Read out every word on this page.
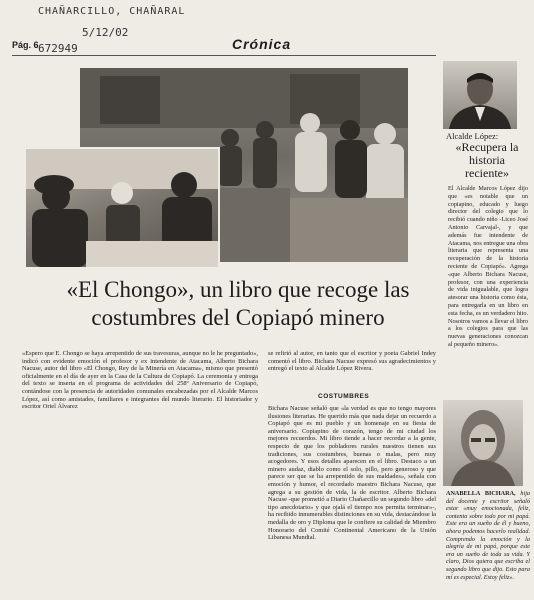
CHAÑARCILLO, CHAÑARAL
5/12/02
672949
Pág. 6	Crónica
«El Chongo», un libro que recoge las costumbres del Copiapó minero

«Espero que E. Chongo se haya arrepentido de sus travesuras, aunque no le he preguntado», indicó con evidente emoción el profesor y ex intendente de Atacama, Alberto Bichara Nacuse, autor del libro «El Chongo, Rey de la Minería en Atacama», mismo que presentó oficialmente en el día de ayer en la Casa de la Cultura de Copiapó. La ceremonia y entrega del texto se inserta en el programa de actividades del 258º Aniversario de Copiapó, contándose con la presencia de autoridades comunales encabezadas por el Alcalde Marcos López, así como amistades, familiares e integrantes del mundo literario. El historiador y escritor Oriel Álvarez

se refirió al autor, en tanto que el escritor y poeta Gabriel Indey comentó el libro. Bichara Nacuse expresó sus agradecimientos y entregó el texto al Alcalde López Rivera.

COSTUMBRES

Bichara Nacuse señaló que «la verdad es que no tengo mayores ilusiones literarias. He querido más que nada dejar un recuerdo a Copiapó que es mi pueblo y un homenaje en su fiesta de aniversario. Copiapino de corazón, tengo de mi ciudad los mejores recuerdos. Mi libro tiende a hacer recordar a la gente, respecto de que los pobladores rurales nuestros tienen sus tradiciones, sus costumbres, buenas o malas, pero muy acogedores. Y esos detalles aparecen en el libro. Destaco a un minero audaz, diablo como el solo, pillo, pero generoso y que parece ser que se ha arrepentido de sus maldades», señala con emoción y humor, el recordado maestro Bichara Nacuse, que agrega a su gestión de vida, la de escritor. Alberto Bichara Nacuse -que prometió a Diario Chañarcillo un segundo libro «del tipo anecdotario» y que ojalá el tiempo nos permita terminar»-, ha recibido innumerables distinciones en su vida, destacándose la medalla de oro y Diploma que le confiere su calidad de Miembro Honorario del Comité Continental Americano de la Unión Libanesa Mundial.

Alcalde López:
«Recupera la historia reciente»

El Alcalde Marcos López dijo que «es notable que un copiapino, educado y luego director del colegio que lo recibió cuando niño -Liceo José Antonio Carvajal-, y que además fue intendente de Atacama, nos entregue una obra literaria que representa una recuperación de la historia reciente de Copiapó». Agrega «que Alberto Bichara Nacuse, profesor, con una experiencia de vida inigualable, que logra atesorar una historia como ésta, para entregarla en un libro en esta fecha, es un verdadero hito. Nosotros vamos a llevar el libro a los colegios para que las nuevas generaciones conozcan al pequeño minero».

ANABELLA BICHARA, hija del docente y escritor señaló estar «muy emocionada, feliz, contenta sobre todo por mi papá. Este era un sueño de él y bueno, ahora podemos hacerlo realidad. Comprendo la emoción y la alegría de mi papá, porque este era un sueño de toda su vida. Y claro, Dios quiera que escriba el segundo libro que dijo. Esto para mí es especial. Estoy feliz».
